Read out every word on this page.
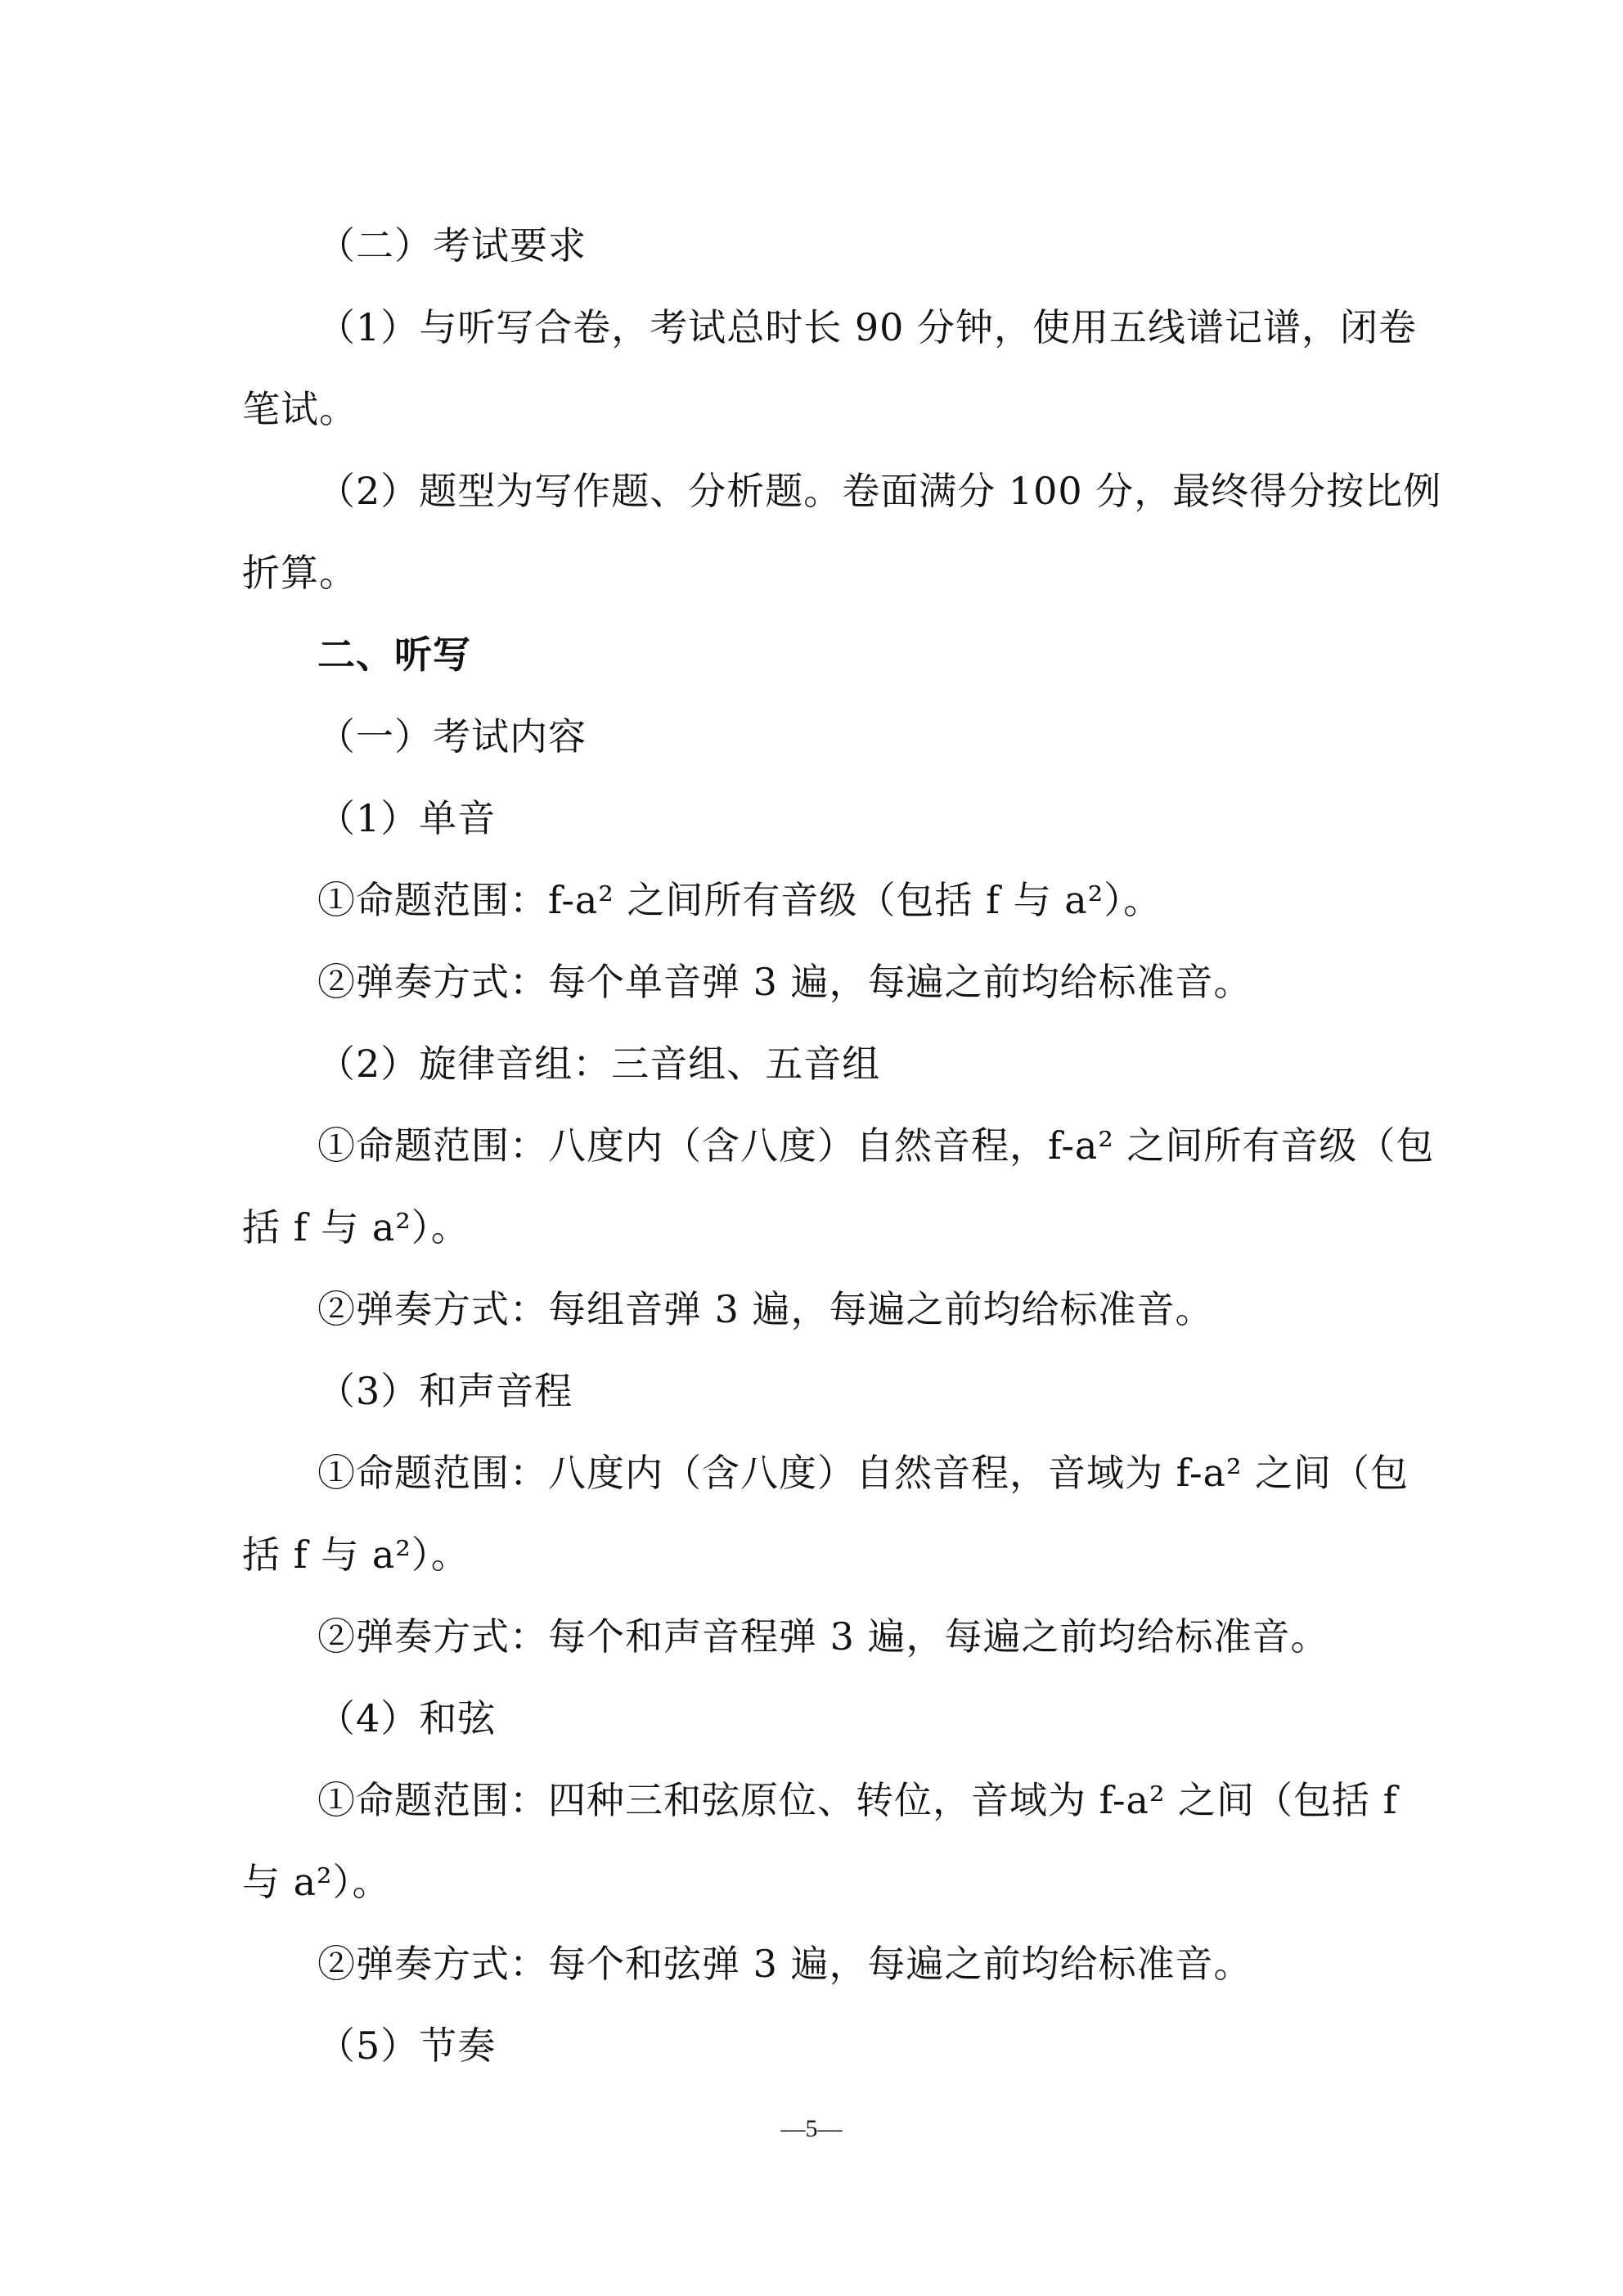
（二）考试要求
（1）与听写合卷，考试总时长 90 分钟，使用五线谱记谱，闭卷
笔试。
（2）题型为写作题、分析题。卷面满分 100 分，最终得分按比例
折算。
二、听写
（一）考试内容
（1）单音
①命题范围：f-a² 之间所有音级（包括 f 与 a²）。
②弹奏方式：每个单音弹 3 遍，每遍之前均给标准音。
（2）旋律音组：三音组、五音组
①命题范围：八度内（含八度）自然音程，f-a² 之间所有音级（包
括 f 与 a²）。
②弹奏方式：每组音弹 3 遍，每遍之前均给标准音。
（3）和声音程
①命题范围：八度内（含八度）自然音程，音域为 f-a² 之间（包
括 f 与 a²）。
②弹奏方式：每个和声音程弹 3 遍，每遍之前均给标准音。
（4）和弦
①命题范围：四种三和弦原位、转位，音域为 f-a² 之间（包括 f
与 a²）。
②弹奏方式：每个和弦弹 3 遍，每遍之前均给标准音。
（5）节奏
—5—
